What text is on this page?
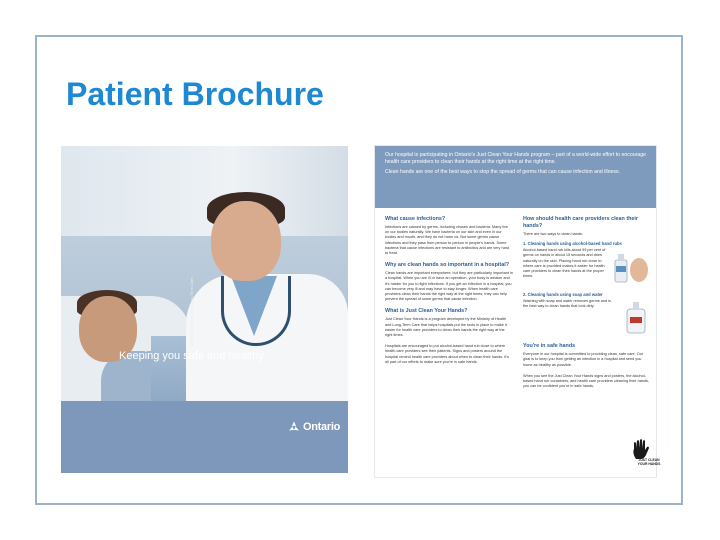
Patient Brochure
Keeping you safe and healthy
Ministry of Health and Long-Term Care
Ontario

Our hospital is participating in Ontario's Just Clean Your Hands program – part of a world-wide effort to encourage health care providers to clean their hands at the right time at the right time.

Clean hands are one of the best ways to stop the spread of germs that can cause infection and illness.

What cause infections?

Infections are caused by germs, including viruses and bacteria. Many live on our bodies naturally. We have bacteria on our skin and even in our bodies and mouth, and they do not harm us. But some germs cause infections and they pass from person to person in people's hands. Some bacteria that cause infections are resistant to antibiotics and are very hard to treat.

Why are clean hands so important in a hospital?

Clean hands are important everywhere, but they are particularly important in a hospital. When you are ill or have an operation, your body is weaker and it's harder for you to fight infections. If you get an infection in a hospital, you can become very ill and may have to stay longer. When health care providers clean their hands the right way at the right times, they can help prevent the spread of some germs that cause infection.

What is Just Clean Your Hands?

Just Clean Your Hands is a program developed by the Ministry of Health and Long-Term Care that helps hospitals put the tools in place to make it easier for health care providers to clean their hands the right way at the right times.

Hospitals are encouraged to put alcohol-based hand rub close to where health care providers see their patients. Signs and posters around the hospital remind health care providers about when to clean their hands. It's all part of our efforts to make sure you're in safe hands.

How should health care providers clean their hands?

There are two ways to clean hands:

1. Cleaning hands using alcohol-based hand rubs

Alcohol-based hand rub kills about 99 per cent of germs on hands in about 15 seconds and dries naturally on the skin. Placing hand rub close to where care is provided makes it easier for health care providers to clean their hands at the proper times.

2. Cleaning hands using soap and water

Washing with soap and water removes germs and is the best way to clean hands that look dirty.

You're in safe hands

Everyone in our hospital is committed to providing clean, safe care. Our goal is to keep you from getting an infection in a hospital and send you home as healthy as possible.

When you see the Just Clean Your Hands signs and posters, the alcohol-based hand rub containers, and health care providers cleaning their hands, you can be confident you're in safe hands.

JUST CLEAN YOUR HANDS
